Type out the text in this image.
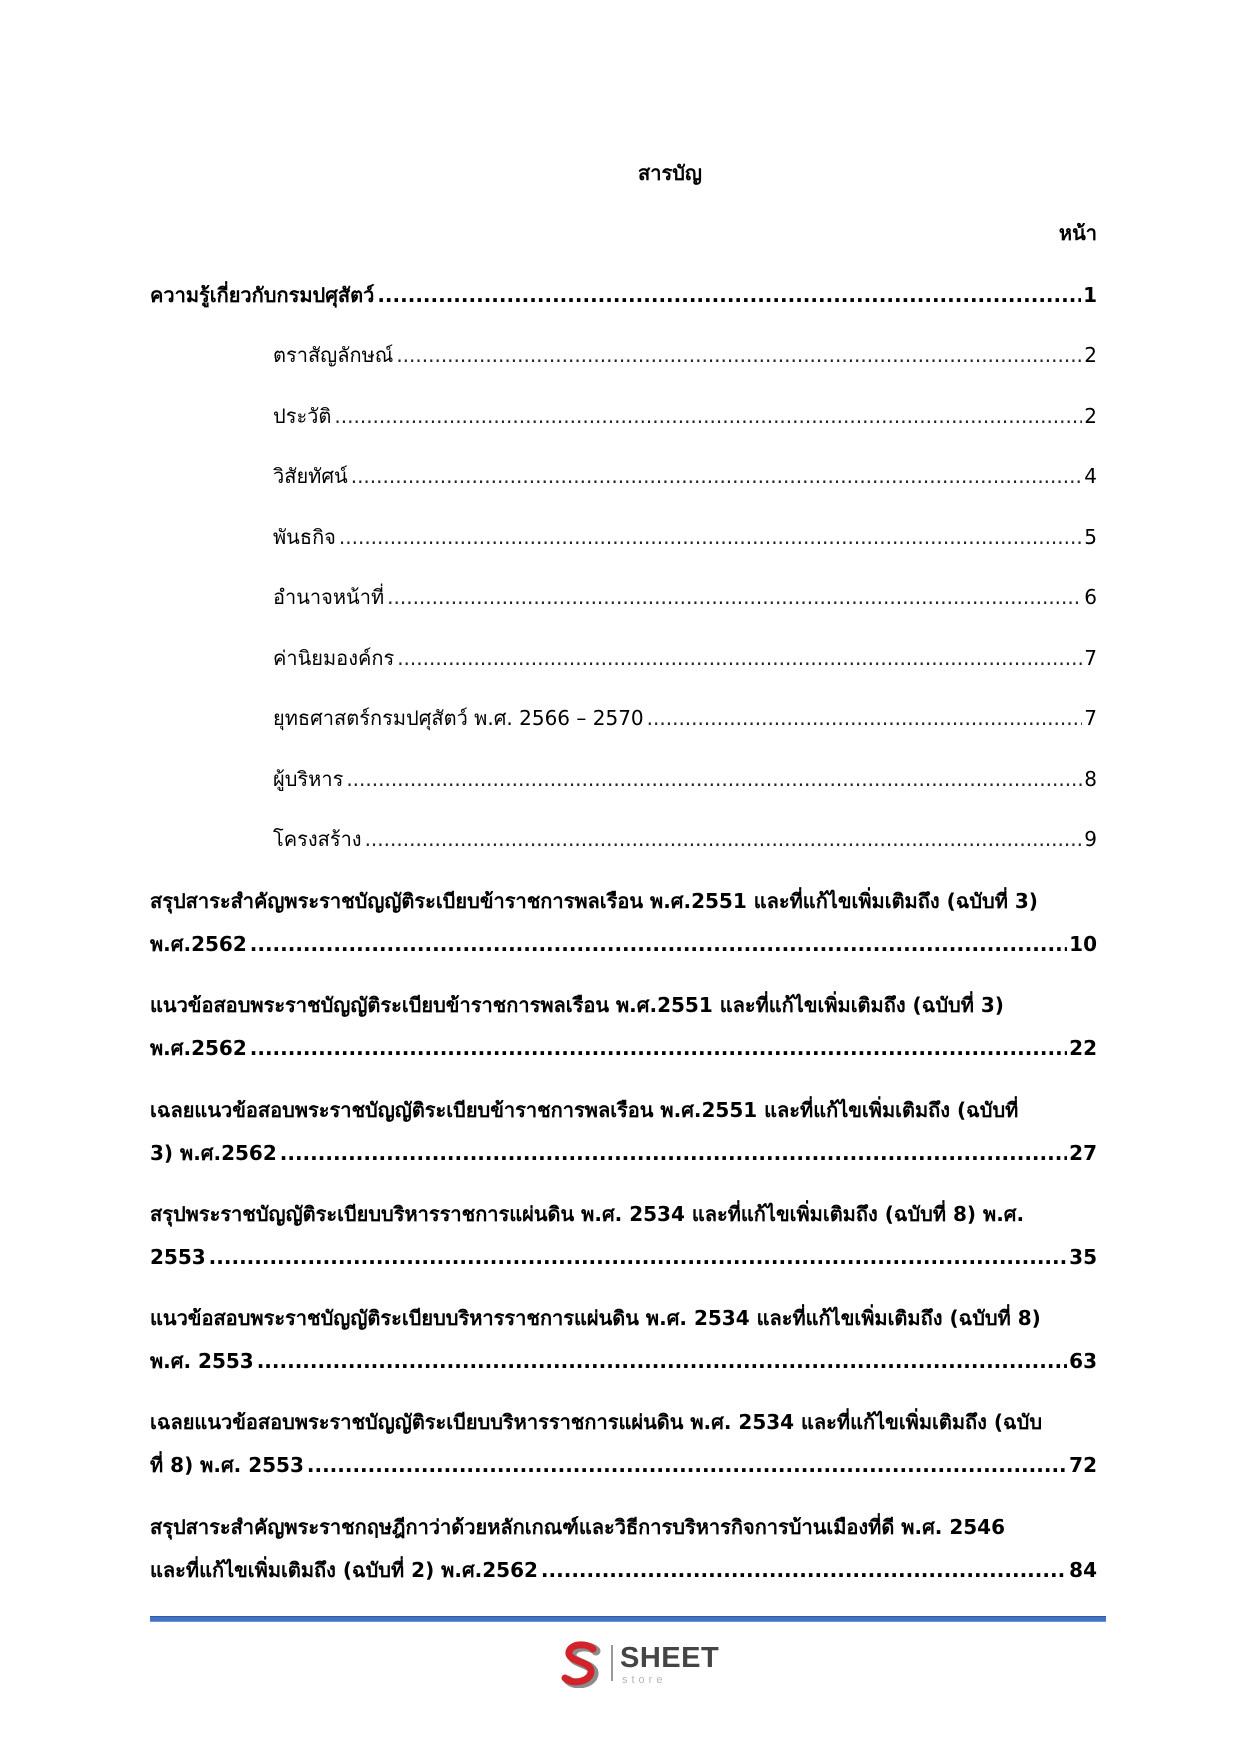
สารบัญ
หน้า
ความรู้เกี่ยวกับกรมปศุสัตว์ .....	1
ตราสัญลักษณ์ .....	2
ประวัติ .....	2
วิสัยทัศน์ .....	4
พันธกิจ .....	5
อำนาจหน้าที่ .....	6
ค่านิยมองค์กร .....	7
ยุทธศาสตร์กรมปศุสัตว์ พ.ศ. 2566 – 2570 .....	7
ผู้บริหาร .....	8
โครงสร้าง .....	9
สรุปสาระสำคัญพระราชบัญญัติระเบียบข้าราชการพลเรือน พ.ศ.2551 และที่แก้ไขเพิ่มเติมถึง (ฉบับที่ 3)
พ.ศ.2562 .....	10
แนวข้อสอบพระราชบัญญัติระเบียบข้าราชการพลเรือน พ.ศ.2551 และที่แก้ไขเพิ่มเติมถึง (ฉบับที่ 3)
พ.ศ.2562 .....	22
เฉลยแนวข้อสอบพระราชบัญญัติระเบียบข้าราชการพลเรือน พ.ศ.2551 และที่แก้ไขเพิ่มเติมถึง (ฉบับที่
3) พ.ศ.2562 .....	27
สรุปพระราชบัญญัติระเบียบบริหารราชการแผ่นดิน พ.ศ. 2534 และที่แก้ไขเพิ่มเติมถึง (ฉบับที่ 8) พ.ศ.
2553 .....	35
แนวข้อสอบพระราชบัญญัติระเบียบบริหารราชการแผ่นดิน พ.ศ. 2534 และที่แก้ไขเพิ่มเติมถึง (ฉบับที่ 8)
พ.ศ. 2553 .....	63
เฉลยแนวข้อสอบพระราชบัญญัติระเบียบบริหารราชการแผ่นดิน พ.ศ. 2534 และที่แก้ไขเพิ่มเติมถึง (ฉบับ
ที่ 8) พ.ศ. 2553 .....	72
สรุปสาระสำคัญพระราชกฤษฎีกาว่าด้วยหลักเกณฑ์และวิธีการบริหารกิจการบ้านเมืองที่ดี พ.ศ. 2546
และที่แก้ไขเพิ่มเติมถึง (ฉบับที่ 2) พ.ศ.2562 .....	84
SHEET
store
